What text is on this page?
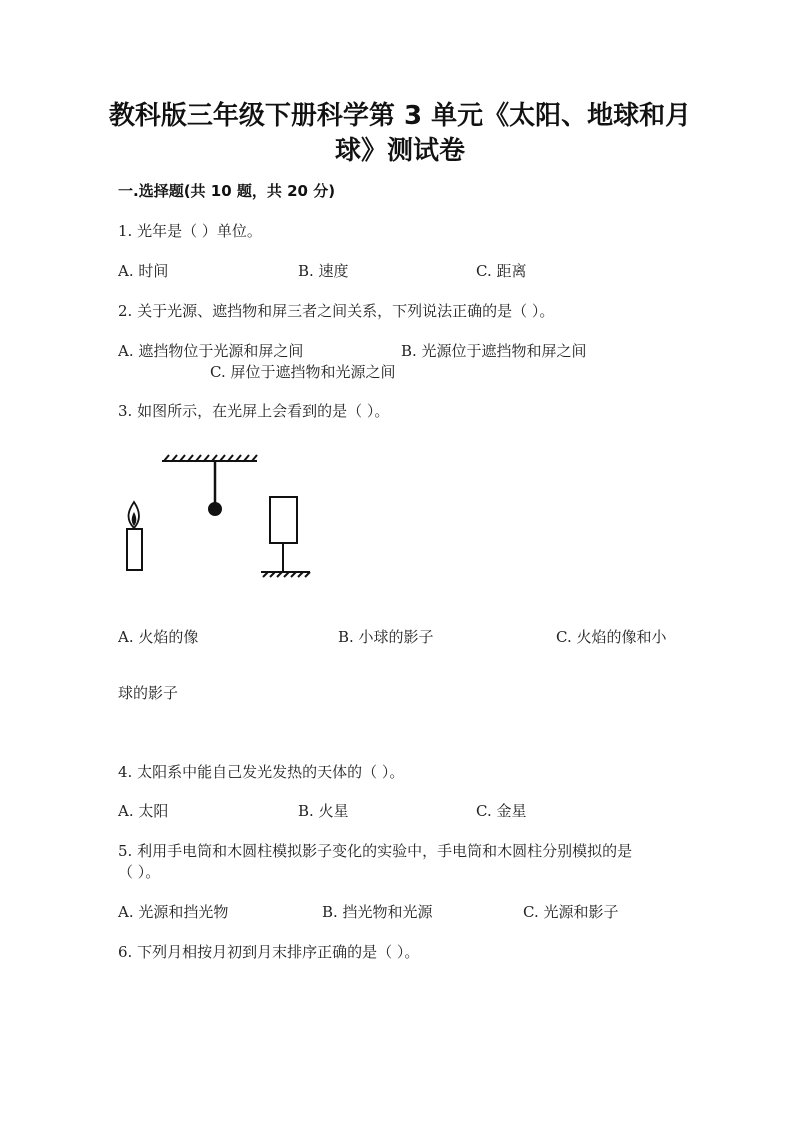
教科版三年级下册科学第 3 单元《太阳、地球和月
球》测试卷
一.选择题(共 10 题，共 20 分)
1. 光年是（ ）单位。
A. 时间	B. 速度	C. 距离
2. 关于光源、遮挡物和屏三者之间关系，下列说法正确的是（ ）。
A. 遮挡物位于光源和屏之间	B. 光源位于遮挡物和屏之间
C. 屏位于遮挡物和光源之间
3. 如图所示，在光屏上会看到的是（ ）。
A. 火焰的像	B. 小球的影子	C. 火焰的像和小
球的影子
4. 太阳系中能自己发光发热的天体的（ ）。
A. 太阳	B. 火星	C. 金星
5. 利用手电筒和木圆柱模拟影子变化的实验中，手电筒和木圆柱分别模拟的是
（ ）。
A. 光源和挡光物	B. 挡光物和光源	C. 光源和影子
6. 下列月相按月初到月末排序正确的是（ ）。
